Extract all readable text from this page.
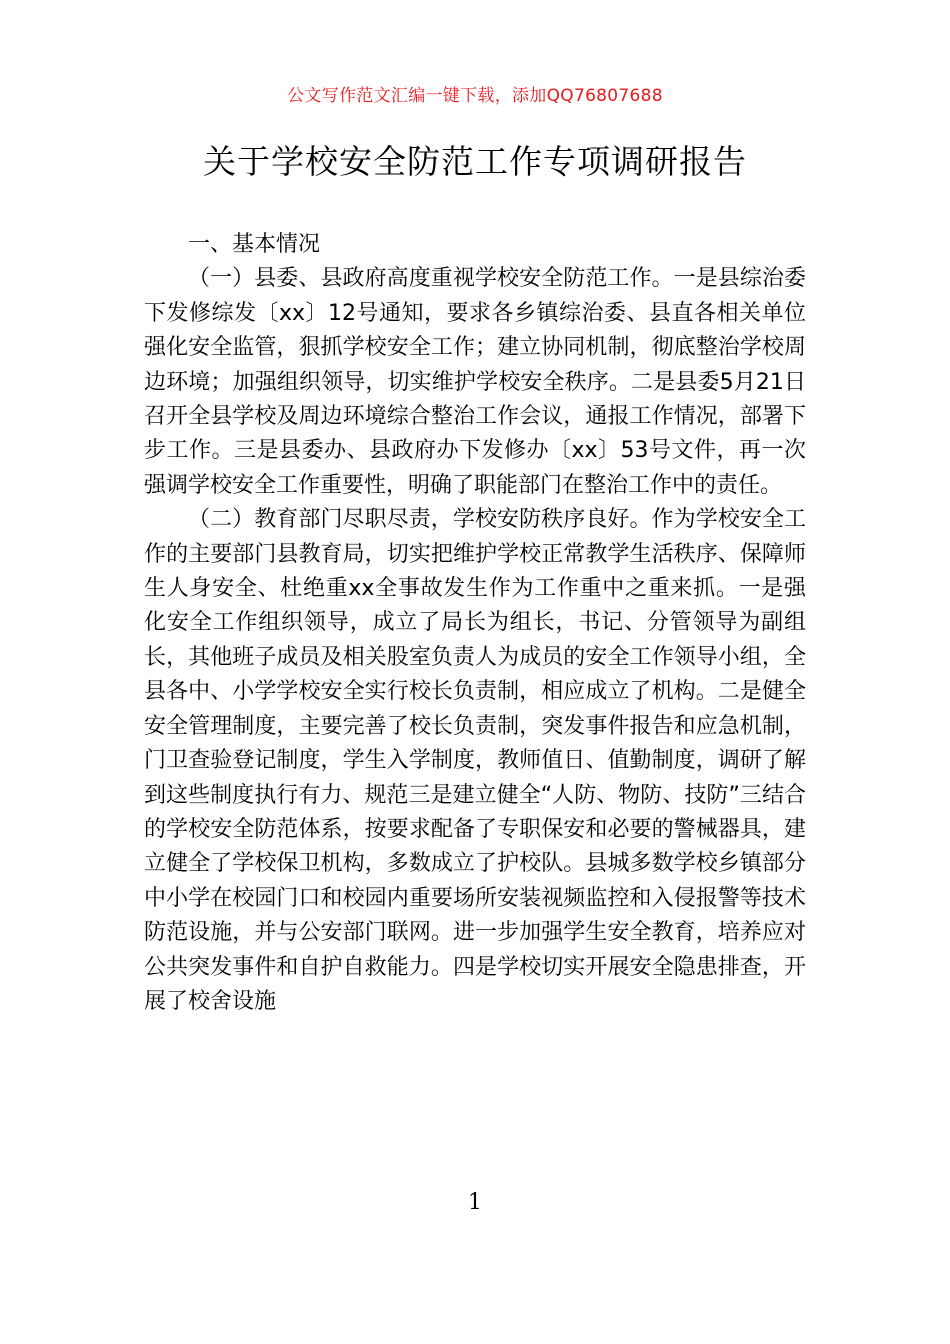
公文写作范文汇编一键下载，添加QQ76807688
关于学校安全防范工作专项调研报告

一、基本情况

（一）县委、县政府高度重视学校安全防范工作。一是县综治委下发修综发〔xx〕12号通知，要求各乡镇综治委、县直各相关单位强化安全监管，狠抓学校安全工作；建立协同机制，彻底整治学校周边环境；加强组织领导，切实维护学校安全秩序。二是县委5月21日召开全县学校及周边环境综合整治工作会议，通报工作情况，部署下步工作。三是县委办、县政府办下发修办〔xx〕53号文件，再一次强调学校安全工作重要性，明确了职能部门在整治工作中的责任。

（二）教育部门尽职尽责，学校安防秩序良好。作为学校安全工作的主要部门县教育局，切实把维护学校正常教学生活秩序、保障师生人身安全、杜绝重xx全事故发生作为工作重中之重来抓。一是强化安全工作组织领导，成立了局长为组长，书记、分管领导为副组长，其他班子成员及相关股室负责人为成员的安全工作领导小组，全县各中、小学学校安全实行校长负责制，相应成立了机构。二是健全安全管理制度，主要完善了校长负责制，突发事件报告和应急机制，门卫查验登记制度，学生入学制度，教师值日、值勤制度，调研了解到这些制度执行有力、规范三是建立健全“人防、物防、技防”三结合的学校安全防范体系，按要求配备了专职保安和必要的警械器具，建立健全了学校保卫机构，多数成立了护校队。县城多数学校乡镇部分中小学在校园门口和校园内重要场所安装视频监控和入侵报警等技术防范设施，并与公安部门联网。进一步加强学生安全教育，培养应对公共突发事件和自护自救能力。四是学校切实开展安全隐患排查，开展了校舍设施

1
